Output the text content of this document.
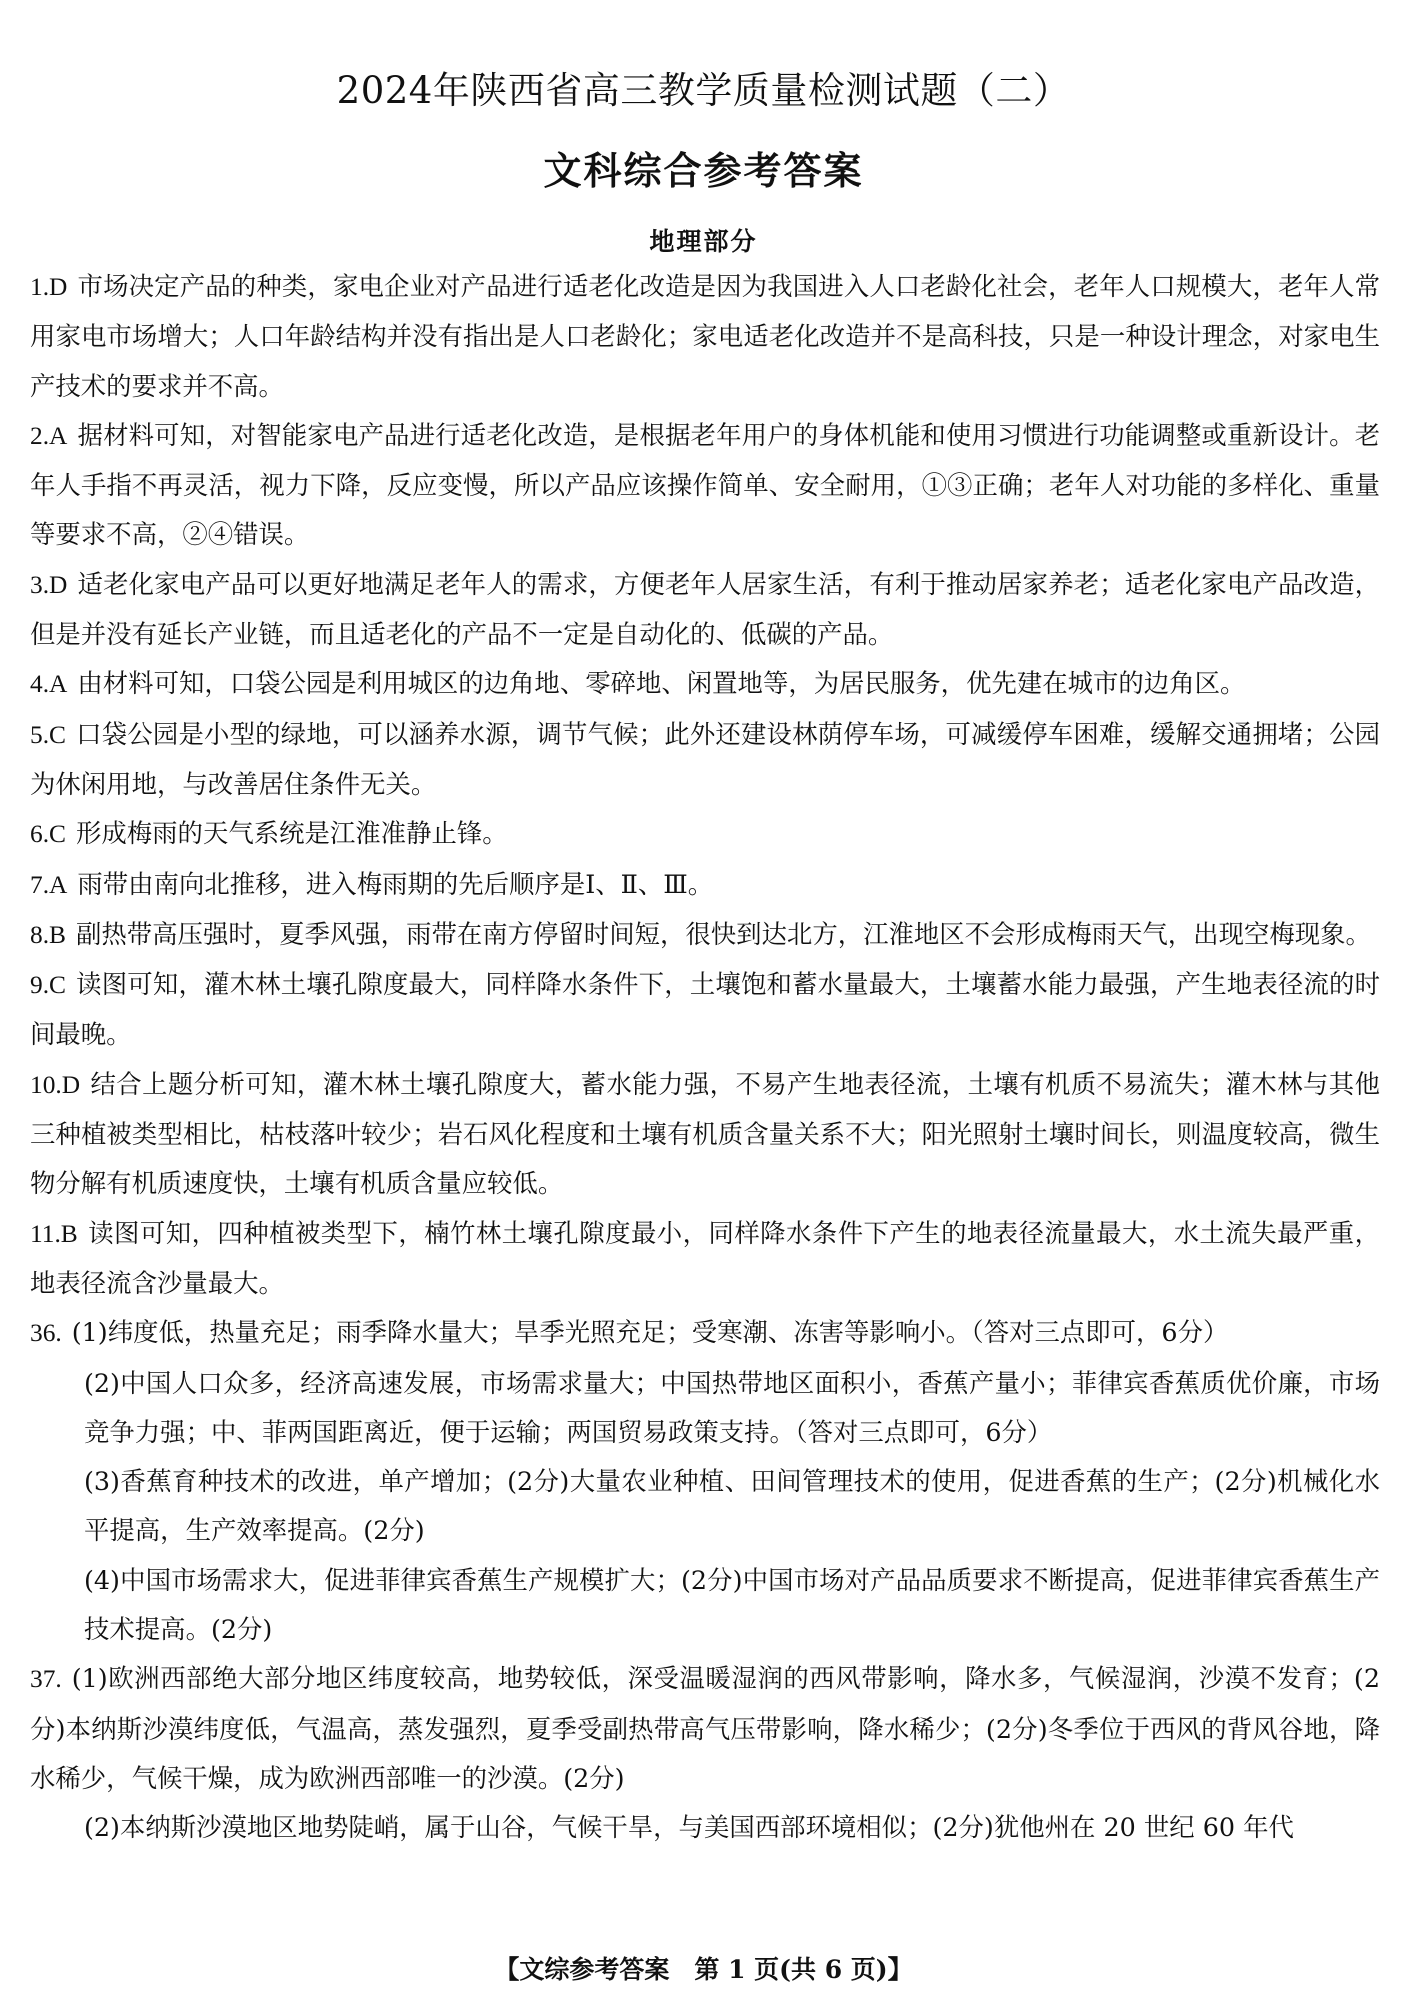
2024年陕西省高三教学质量检测试题（二）
文科综合参考答案
地理部分

1.D 市场决定产品的种类，家电企业对产品进行适老化改造是因为我国进入人口老龄化社会，老年人口规模大，老年人常用家电市场增大；人口年龄结构并没有指出是人口老龄化；家电适老化改造并不是高科技，只是一种设计理念，对家电生产技术的要求并不高。

2.A 据材料可知，对智能家电产品进行适老化改造，是根据老年用户的身体机能和使用习惯进行功能调整或重新设计。老年人手指不再灵活，视力下降，反应变慢，所以产品应该操作简单、安全耐用，①③正确；老年人对功能的多样化、重量等要求不高，②④错误。

3.D 适老化家电产品可以更好地满足老年人的需求，方便老年人居家生活，有利于推动居家养老；适老化家电产品改造，但是并没有延长产业链，而且适老化的产品不一定是自动化的、低碳的产品。

4.A 由材料可知，口袋公园是利用城区的边角地、零碎地、闲置地等，为居民服务，优先建在城市的边角区。

5.C 口袋公园是小型的绿地，可以涵养水源，调节气候；此外还建设林荫停车场，可减缓停车困难，缓解交通拥堵；公园为休闲用地，与改善居住条件无关。

6.C 形成梅雨的天气系统是江淮准静止锋。

7.A 雨带由南向北推移，进入梅雨期的先后顺序是Ⅰ、Ⅱ、Ⅲ。

8.B 副热带高压强时，夏季风强，雨带在南方停留时间短，很快到达北方，江淮地区不会形成梅雨天气，出现空梅现象。

9.C 读图可知，灌木林土壤孔隙度最大，同样降水条件下，土壤饱和蓄水量最大，土壤蓄水能力最强，产生地表径流的时间最晚。

10.D 结合上题分析可知，灌木林土壤孔隙度大，蓄水能力强，不易产生地表径流，土壤有机质不易流失；灌木林与其他三种植被类型相比，枯枝落叶较少；岩石风化程度和土壤有机质含量关系不大；阳光照射土壤时间长，则温度较高，微生物分解有机质速度快，土壤有机质含量应较低。

11.B 读图可知，四种植被类型下，楠竹林土壤孔隙度最小，同样降水条件下产生的地表径流量最大，水土流失最严重，地表径流含沙量最大。

36. (1)纬度低，热量充足；雨季降水量大；旱季光照充足；受寒潮、冻害等影响小。（答对三点即可，6分）

(2)中国人口众多，经济高速发展，市场需求量大；中国热带地区面积小，香蕉产量小；菲律宾香蕉质优价廉，市场竞争力强；中、菲两国距离近，便于运输；两国贸易政策支持。（答对三点即可，6分）

(3)香蕉育种技术的改进，单产增加；(2分)大量农业种植、田间管理技术的使用，促进香蕉的生产；(2分)机械化水平提高，生产效率提高。(2分)

(4)中国市场需求大，促进菲律宾香蕉生产规模扩大；(2分)中国市场对产品品质要求不断提高，促进菲律宾香蕉生产技术提高。(2分)

37. (1)欧洲西部绝大部分地区纬度较高，地势较低，深受温暖湿润的西风带影响，降水多，气候湿润，沙漠不发育；(2分)本纳斯沙漠纬度低，气温高，蒸发强烈，夏季受副热带高气压带影响，降水稀少；(2分)冬季位于西风的背风谷地，降水稀少，气候干燥，成为欧洲西部唯一的沙漠。(2分)

(2)本纳斯沙漠地区地势陡峭，属于山谷，气候干旱，与美国西部环境相似；(2分)犹他州在 20 世纪 60 年代

【文综参考答案　第 1 页(共 6 页)】
